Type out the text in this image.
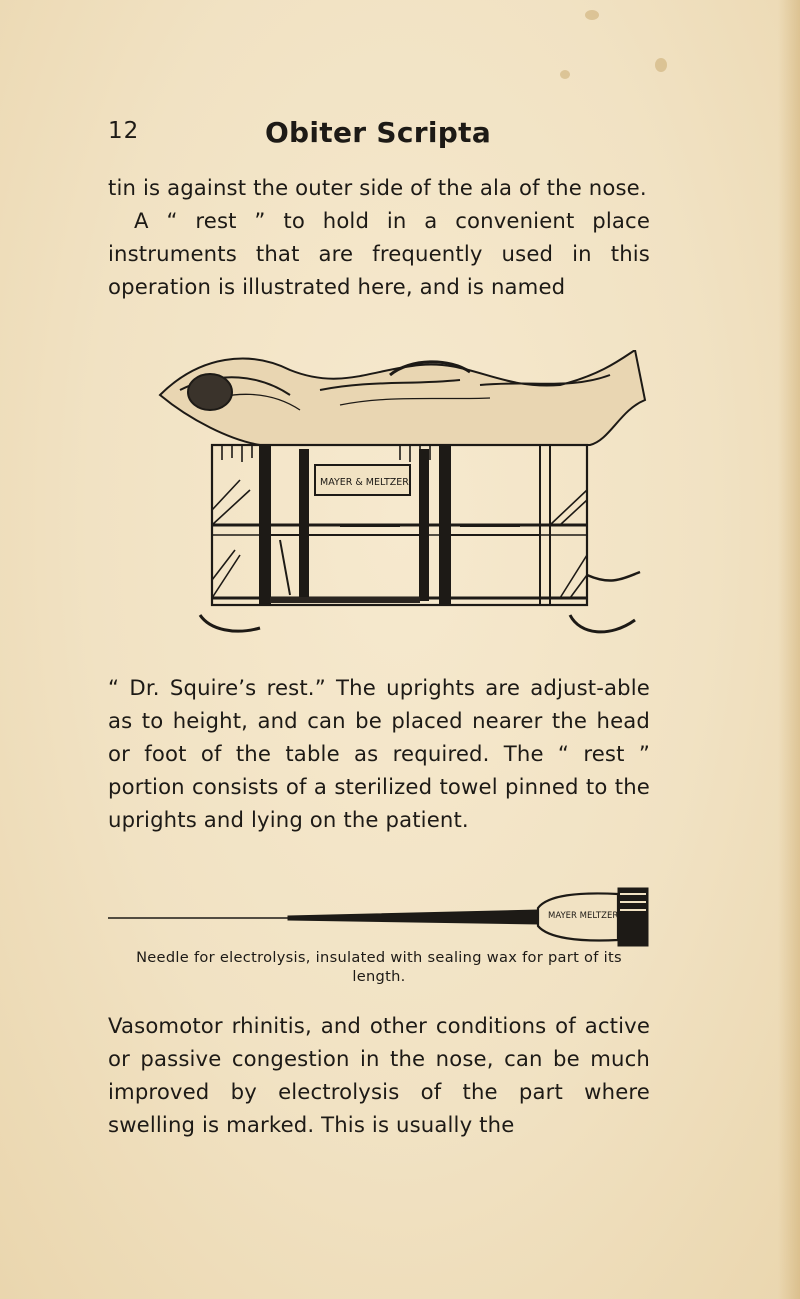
12	Obiter Scripta

tin is against the outer side of the ala of the nose.

A “ rest ” to hold in a convenient place instruments that are frequently used in this operation is illustrated here, and is named

MAYER & MELTZER

“ Dr. Squire’s rest.” The uprights are adjust-able as to height, and can be placed nearer the head or foot of the table as required. The “ rest ” portion consists of a sterilized towel pinned to the uprights and lying on the patient.

MAYER MELTZER
Needle for electrolysis, insulated with sealing wax for part of its length.

Vasomotor rhinitis, and other conditions of active or passive congestion in the nose, can be much improved by electrolysis of the part where swelling is marked. This is usually the
